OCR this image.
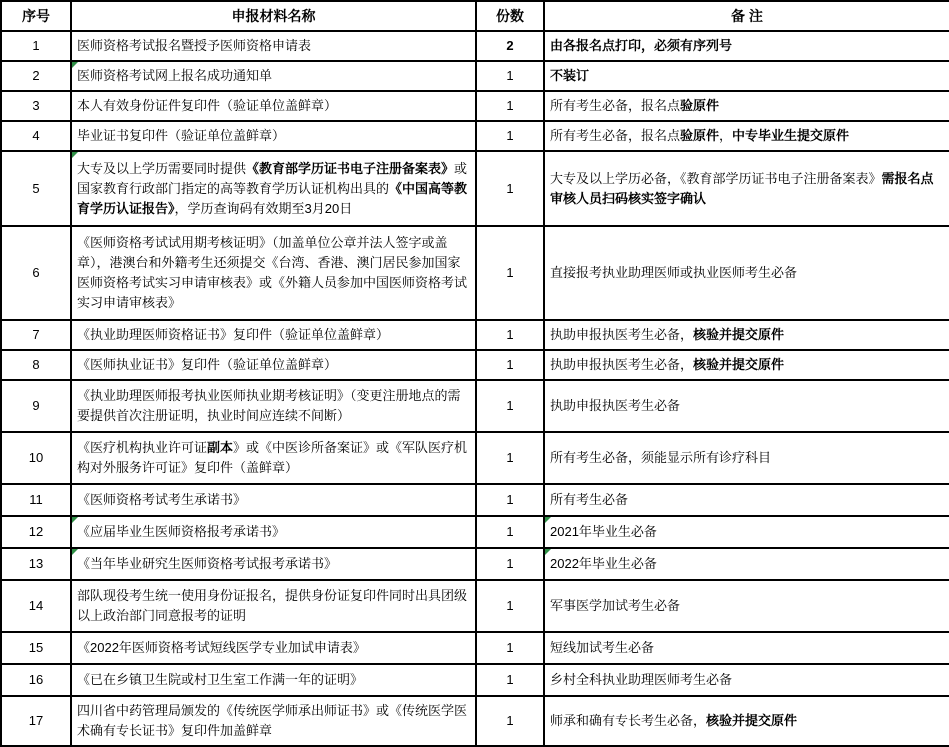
序号	申报材料名称	份数	备 注
1	医师资格考试报名暨授予医师资格申请表	2	由各报名点打印，必须有序列号
2	医师资格考试网上报名成功通知单	1	不装订
3	本人有效身份证件复印件（验证单位盖鲜章）	1	所有考生必备，报名点验原件
4	毕业证书复印件（验证单位盖鲜章）	1	所有考生必备，报名点验原件，中专毕业生提交原件
5	大专及以上学历需要同时提供《教育部学历证书电子注册备案表》或国家教育行政部门指定的高等教育学历认证机构出具的《中国高等教育学历认证报告》，学历查询码有效期至3月20日	1	大专及以上学历必备，《教育部学历证书电子注册备案表》需报名点审核人员扫码核实签字确认
6	《医师资格考试试用期考核证明》（加盖单位公章并法人签字或盖章），港澳台和外籍考生还须提交《台湾、香港、澳门居民参加国家医师资格考试实习申请审核表》或《外籍人员参加中国医师资格考试实习申请审核表》	1	直接报考执业助理医师或执业医师考生必备
7	《执业助理医师资格证书》复印件（验证单位盖鲜章）	1	执助申报执医考生必备，核验并提交原件
8	《医师执业证书》复印件（验证单位盖鲜章）	1	执助申报执医考生必备，核验并提交原件
9	《执业助理医师报考执业医师执业期考核证明》（变更注册地点的需要提供首次注册证明，执业时间应连续不间断）	1	执助申报执医考生必备
10	《医疗机构执业许可证副本》或《中医诊所备案证》或《军队医疗机构对外服务许可证》复印件（盖鲜章）	1	所有考生必备，须能显示所有诊疗科目
11	《医师资格考试考生承诺书》	1	所有考生必备
12	《应届毕业生医师资格报考承诺书》	1	2021年毕业生必备
13	《当年毕业研究生医师资格考试报考承诺书》	1	2022年毕业生必备
14	部队现役考生统一使用身份证报名，提供身份证复印件同时出具团级以上政治部门同意报考的证明	1	军事医学加试考生必备
15	《2022年医师资格考试短线医学专业加试申请表》	1	短线加试考生必备
16	《已在乡镇卫生院或村卫生室工作满一年的证明》	1	乡村全科执业助理医师考生必备
17	四川省中药管理局颁发的《传统医学师承出师证书》或《传统医学医术确有专长证书》复印件加盖鲜章	1	师承和确有专长考生必备，核验并提交原件
